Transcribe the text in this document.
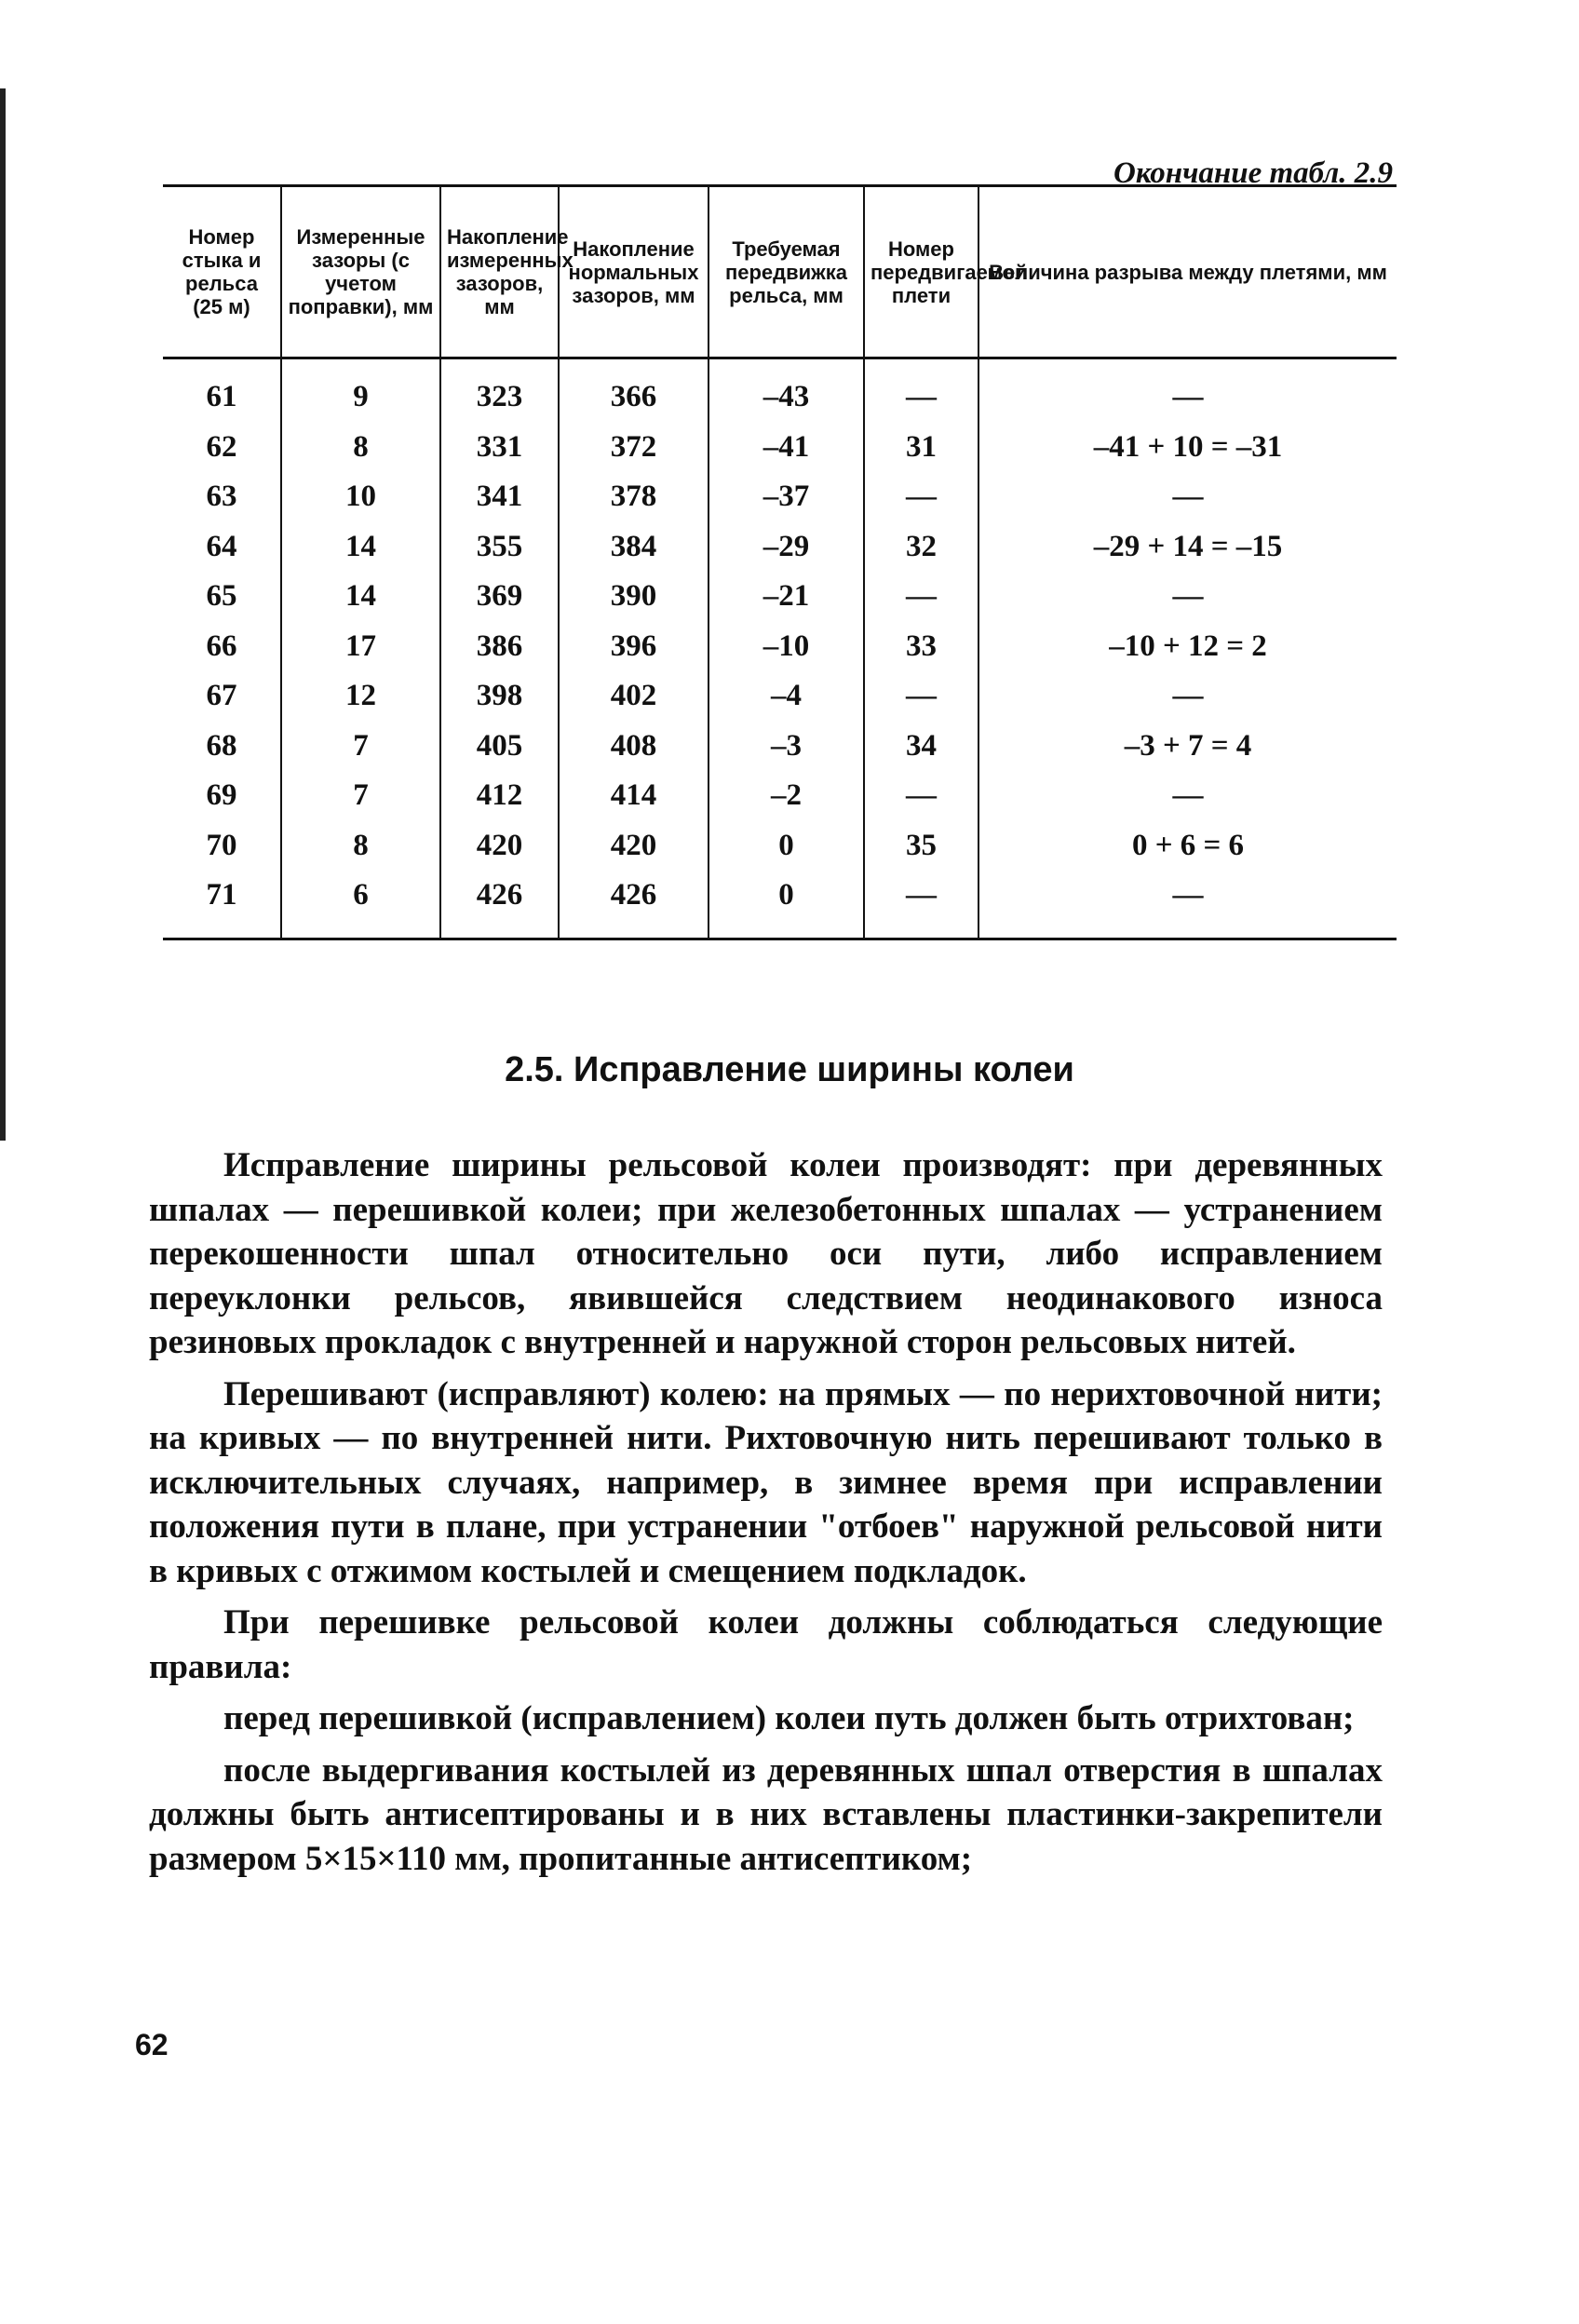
Окончание табл. 2.9
Номер стыка и рельса (25 м)	Измеренные зазоры (с учетом поправки), мм	Накопление измеренных зазоров, мм	Накопление нормальных зазоров, мм	Требуемая передвижка рельса, мм	Номер передвигаемой плети	Величина разрыва между плетями, мм
61	9	323	366	–43	—	—
62	8	331	372	–41	31	–41 + 10 = –31
63	10	341	378	–37	—	—
64	14	355	384	–29	32	–29 + 14 = –15
65	14	369	390	–21	—	—
66	17	386	396	–10	33	–10 + 12 = 2
67	12	398	402	–4	—	—
68	7	405	408	–3	34	–3 + 7 = 4
69	7	412	414	–2	—	—
70	8	420	420	0	35	0 + 6 = 6
71	6	426	426	0	—	—
2.5. Исправление ширины колеи

Исправление ширины рельсовой колеи производят: при деревянных шпалах — перешивкой колеи; при железобетонных шпалах — устранением перекошенности шпал относительно оси пути, либо исправлением переуклонки рельсов, явившейся следствием неодинакового износа резиновых прокладок с внутренней и наружной сторон рельсовых нитей.

Перешивают (исправляют) колею: на прямых — по нерихтовочной нити; на кривых — по внутренней нити. Рихтовочную нить перешивают только в исключительных случаях, например, в зимнее время при исправлении положения пути в плане, при устранении "отбоев" наружной рельсовой нити в кривых с отжимом костылей и смещением подкладок.

При перешивке рельсовой колеи должны соблюдаться следующие правила:

перед перешивкой (исправлением) колеи путь должен быть отрихтован;

после выдергивания костылей из деревянных шпал отверстия в шпалах должны быть антисептированы и в них вставлены пластинки-закрепители размером 5×15×110 мм, пропитанные антисептиком;

62
